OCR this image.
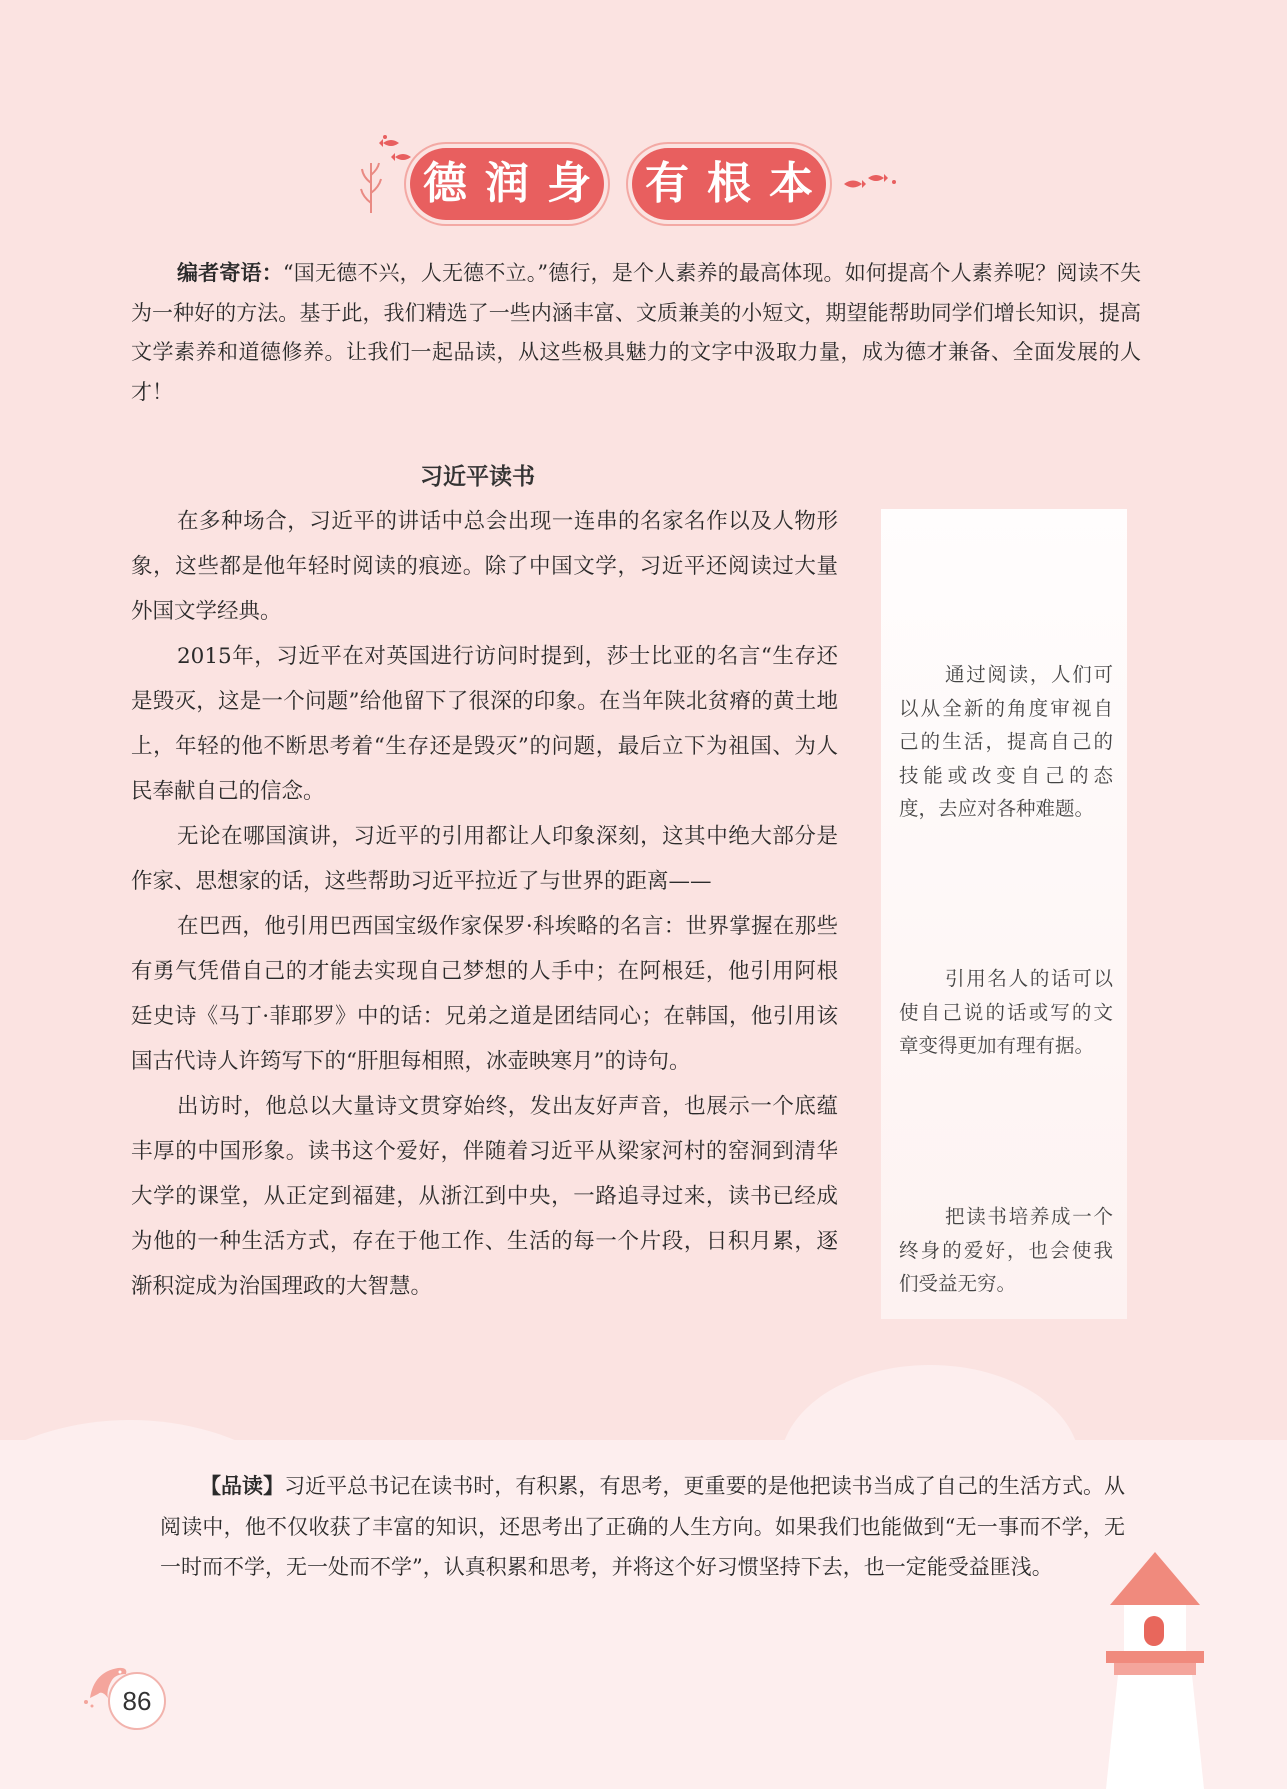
德 润 身 有 根 本
编者寄语：“国无德不兴，人无德不立。”德行，是个人素养的最高体现。如何提高个人素养呢？阅读不失为一种好的方法。基于此，我们精选了一些内涵丰富、文质兼美的小短文，期望能帮助同学们增长知识，提高文学素养和道德修养。让我们一起品读，从这些极具魅力的文字中汲取力量，成为德才兼备、全面发展的人才！
习近平读书

在多种场合，习近平的讲话中总会出现一连串的名家名作以及人物形象，这些都是他年轻时阅读的痕迹。除了中国文学，习近平还阅读过大量外国文学经典。

2015年，习近平在对英国进行访问时提到，莎士比亚的名言“生存还是毁灭，这是一个问题”给他留下了很深的印象。在当年陕北贫瘠的黄土地上，年轻的他不断思考着“生存还是毁灭”的问题，最后立下为祖国、为人民奉献自己的信念。

无论在哪国演讲，习近平的引用都让人印象深刻，这其中绝大部分是作家、思想家的话，这些帮助习近平拉近了与世界的距离——

在巴西，他引用巴西国宝级作家保罗·科埃略的名言：世界掌握在那些有勇气凭借自己的才能去实现自己梦想的人手中；在阿根廷，他引用阿根廷史诗《马丁·菲耶罗》中的话：兄弟之道是团结同心；在韩国，他引用该国古代诗人许筠写下的“肝胆每相照，冰壶映寒月”的诗句。

出访时，他总以大量诗文贯穿始终，发出友好声音，也展示一个底蕴丰厚的中国形象。读书这个爱好，伴随着习近平从梁家河村的窑洞到清华大学的课堂，从正定到福建，从浙江到中央，一路追寻过来，读书已经成为他的一种生活方式，存在于他工作、生活的每一个片段，日积月累，逐渐积淀成为治国理政的大智慧。

通过阅读，人们可以从全新的角度审视自己的生活，提高自己的技能或改变自己的态度，去应对各种难题。
引用名人的话可以使自己说的话或写的文章变得更加有理有据。
把读书培养成一个终身的爱好，也会使我们受益无穷。
【品读】习近平总书记在读书时，有积累，有思考，更重要的是他把读书当成了自己的生活方式。从阅读中，他不仅收获了丰富的知识，还思考出了正确的人生方向。如果我们也能做到“无一事而不学，无一时而不学，无一处而不学”，认真积累和思考，并将这个好习惯坚持下去，也一定能受益匪浅。
86
